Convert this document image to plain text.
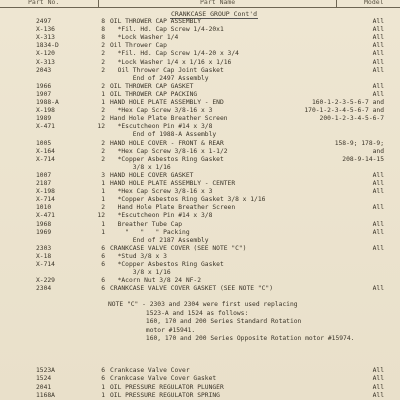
Part No.	Part Name	Model
CRANKCASE GROUP Cont'd
2497	8 OIL THROWER CAP ASSEMBLY	All
X-136	8 *Fil. Hd. Cap Screw 1/4-20x1	All
X-313	8 *Lock Washer 1/4	All
1834-D	2 Oil Thrower Cap	All
X-120	2 *Fil. Hd. Cap Screw 1/4-20 x 3/4	All
X-313	2 *Lock Washer 1/4 x 1/16 x 1/16	All
2043	2 Oil Thrower Cap Joint Gasket	All
End of 2497 Assembly
1966	2 OIL THROWER CAP GASKET	All
1907	1 OIL THROWER CAP PACKING	All
1988-A	1 HAND HOLE PLATE ASSEMBLY - END	160-1-2-3-5-6-7 and
X-198	2 *Hex Cap Screw 3/8-16 x 3	170-1-2-3-4-5-6-7 and
1989	2 Hand Hole Plate Breather Screen	200-1-2-3-4-5-6-7
X-471	12 *Escutcheon Pin #14 x 3/8
End of 1988-A Assembly
1005	2 HAND HOLE COVER - FRONT & REAR	158-9; 178-9;
X-164	2 *Hex Cap Screw 3/8-16 x 1-1/2	and
X-714	2 *Copper Asbestos Ring Gasket	208-9-14-15
3/8 x 1/16
1007	3 HAND HOLE COVER GASKET	All
2187	1 HAND HOLE PLATE ASSEMBLY - CENTER	All
X-198	1 *Hex Cap Screw 3/8-16 x 3	All
X-714	1 *Copper Asbestos Ring Gasket 3/8 x 1/16
1010	2 Hand Hole Plate Breather Screen	All
X-471	12 *Escutcheon Pin #14 x 3/8
1968	1 Breather Tube Cap	All
1969	1 "   "   " Packing	All
End of 2187 Assembly
2303	6 CRANKCASE VALVE COVER (SEE NOTE "C")	All
X-18	6 *Stud 3/8 x 3
X-714	6 *Copper Asbestos Ring Gasket
3/8 x 1/16
X-229	6 *Acorn Nut 3/8 24 NF-2
2304	6 CRANKCASE VALVE COVER GASKET (SEE NOTE "C")	All
1523A	6 Crankcase Valve Cover	All
1524	6 Crankcase Valve Cover Gasket	All
2041	1 OIL PRESSURE REGULATOR PLUNGER	All
1168A	1 OIL PRESSURE REGULATOR SPRING	All
NOTE "C" - 2303 and 2304 were first used replacing
1523-A and 1524 as follows:
160, 170 and 200 Series Standard Rotation
motor #15941.
160, 170 and 200 Series Opposite Rotation motor #15974.
